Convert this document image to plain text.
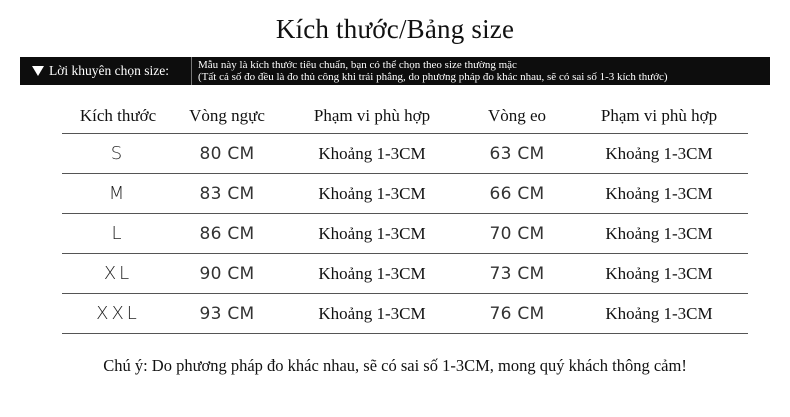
Kích thước/Bảng size
Lời khuyên chọn size:	Mẫu này là kích thước tiêu chuẩn, bạn có thể chọn theo size thường mặc
(Tất cả số đo đều là đo thủ công khi trải phẳng, do phương pháp đo khác nhau, sẽ có sai số 1-3 kích thước)
Kích thước	Vòng ngực	Phạm vi phù hợp	Vòng eo	Phạm vi phù hợp
S	80 CM	Khoảng 1-3CM	63 CM	Khoảng 1-3CM
M	83 CM	Khoảng 1-3CM	66 CM	Khoảng 1-3CM
L	86 CM	Khoảng 1-3CM	70 CM	Khoảng 1-3CM
XL	90 CM	Khoảng 1-3CM	73 CM	Khoảng 1-3CM
XXL	93 CM	Khoảng 1-3CM	76 CM	Khoảng 1-3CM
Chú ý: Do phương pháp đo khác nhau, sẽ có sai số 1-3CM, mong quý khách thông cảm!
